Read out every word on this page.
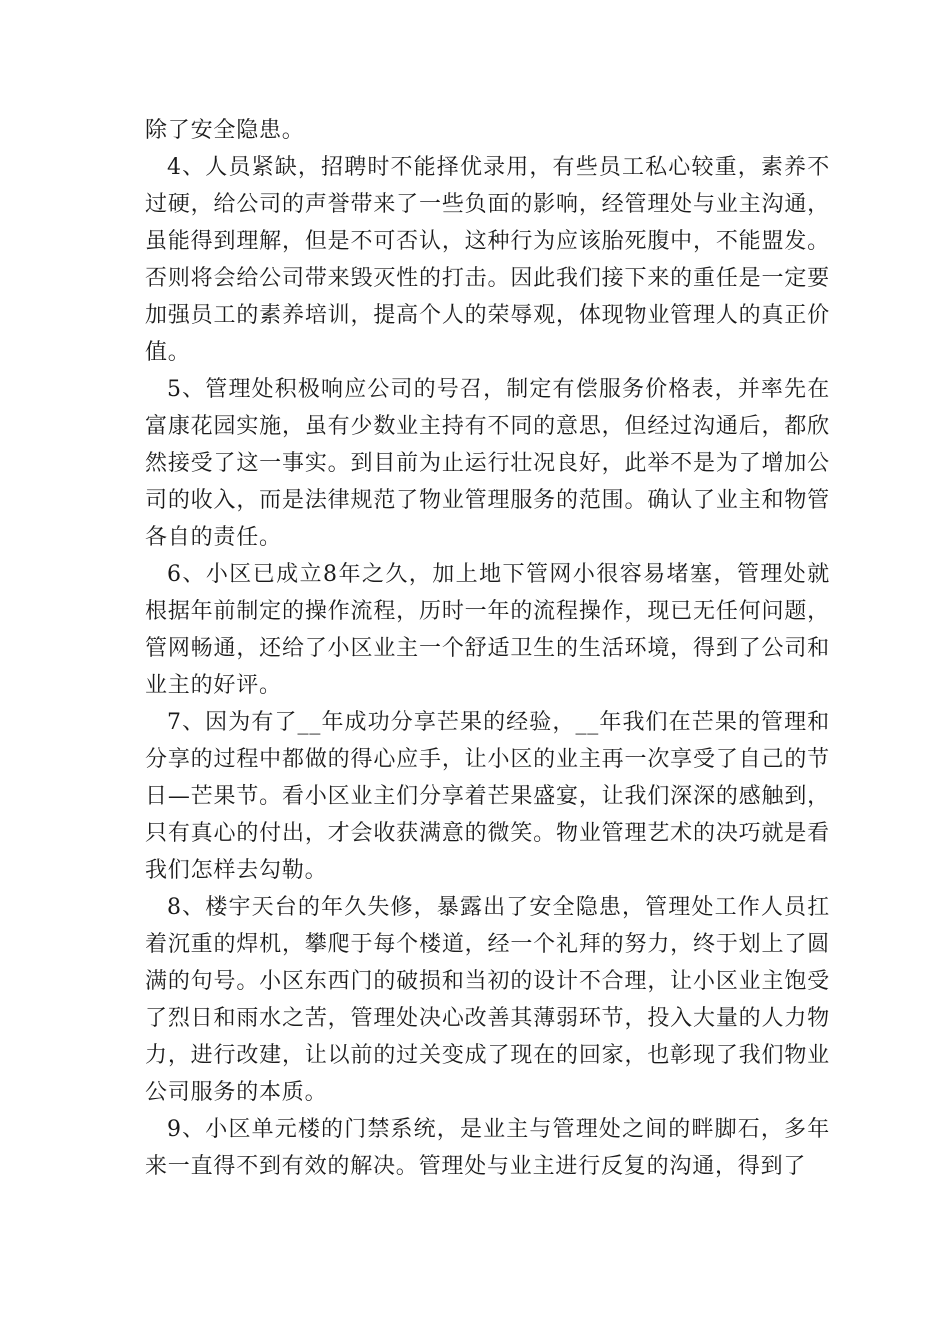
除了安全隐患。

4、人员紧缺，招聘时不能择优录用，有些员工私心较重，素养不过硬，给公司的声誉带来了一些负面的影响，经管理处与业主沟通，虽能得到理解，但是不可否认，这种行为应该胎死腹中，不能盟发。否则将会给公司带来毁灭性的打击。因此我们接下来的重任是一定要加强员工的素养培训，提高个人的荣辱观，体现物业管理人的真正价值。

5、管理处积极响应公司的号召，制定有偿服务价格表，并率先在富康花园实施，虽有少数业主持有不同的意思，但经过沟通后，都欣然接受了这一事实。到目前为止运行壮况良好，此举不是为了增加公司的收入，而是法律规范了物业管理服务的范围。确认了业主和物管各自的责任。

6、小区已成立8年之久，加上地下管网小很容易堵塞，管理处就根据年前制定的操作流程，历时一年的流程操作，现已无任何问题，管网畅通，还给了小区业主一个舒适卫生的生活环境，得到了公司和业主的好评。

7、因为有了__年成功分享芒果的经验，__年我们在芒果的管理和分享的过程中都做的得心应手，让小区的业主再一次享受了自己的节日—芒果节。看小区业主们分享着芒果盛宴，让我们深深的感触到，只有真心的付出，才会收获满意的微笑。物业管理艺术的决巧就是看我们怎样去勾勒。

8、楼宇天台的年久失修，暴露出了安全隐患，管理处工作人员扛着沉重的焊机，攀爬于每个楼道，经一个礼拜的努力，终于划上了圆满的句号。小区东西门的破损和当初的设计不合理，让小区业主饱受了烈日和雨水之苦，管理处决心改善其薄弱环节，投入大量的人力物力，进行改建，让以前的过关变成了现在的回家，也彰现了我们物业公司服务的本质。

9、小区单元楼的门禁系统，是业主与管理处之间的畔脚石，多年来一直得不到有效的解决。管理处与业主进行反复的沟通，得到了
